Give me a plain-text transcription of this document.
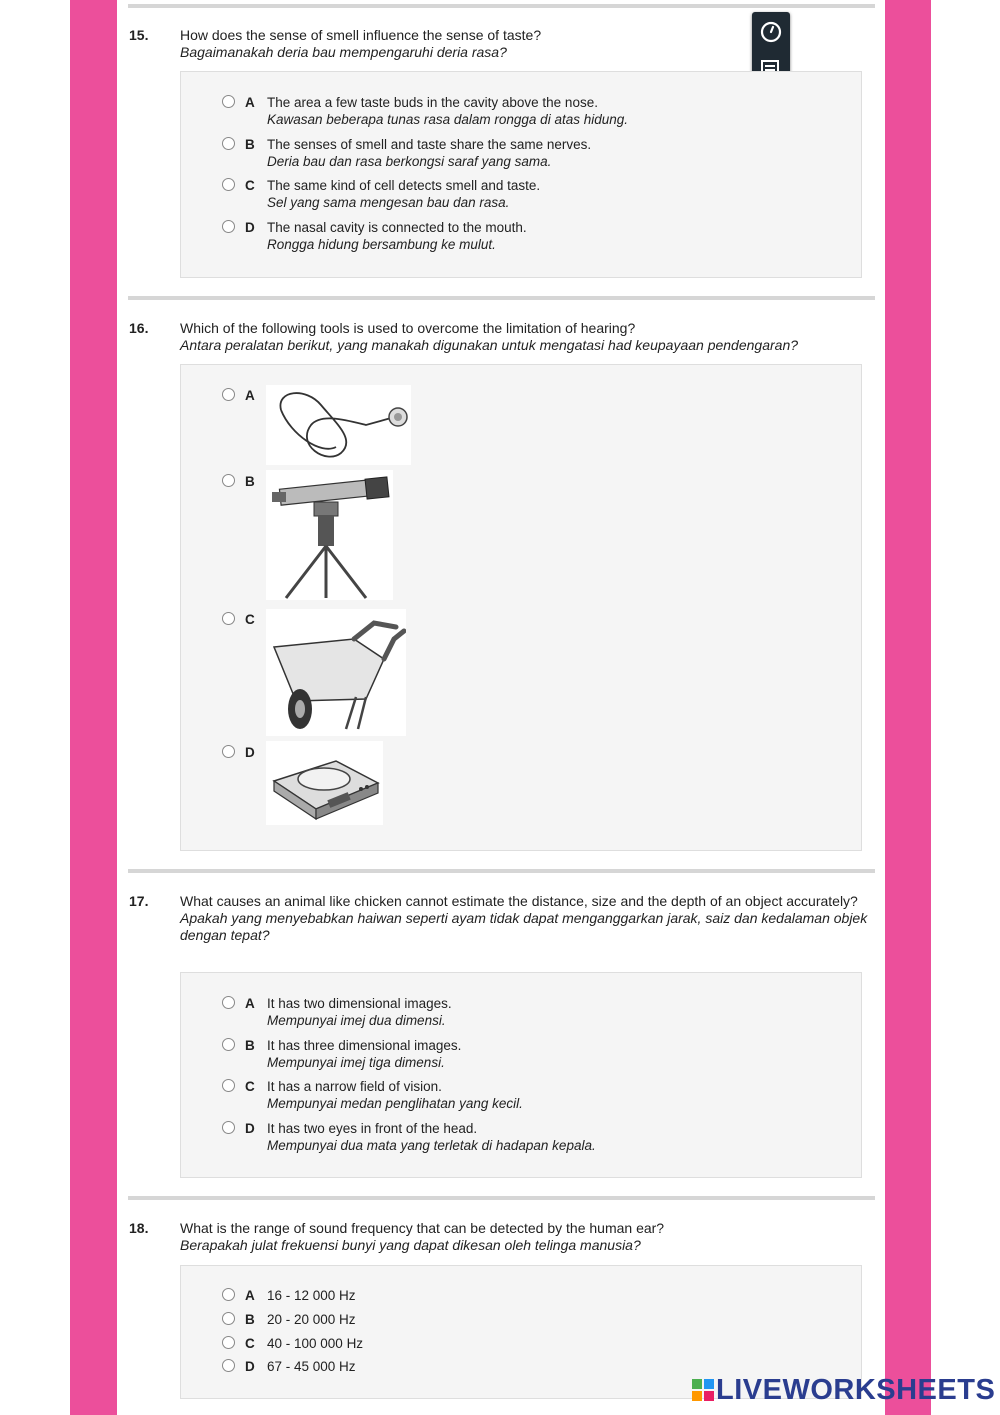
15. How does the sense of smell influence the sense of taste?
Bagaimanakah deria bau mempengaruhi deria rasa?
A The area a few taste buds in the cavity above the nose.
Kawasan beberapa tunas rasa dalam rongga di atas hidung.
B The senses of smell and taste share the same nerves.
Deria bau dan rasa berkongsi saraf yang sama.
C The same kind of cell detects smell and taste.
Sel yang sama mengesan bau dan rasa.
D The nasal cavity is connected to the mouth.
Rongga hidung bersambung ke mulut.
16. Which of the following tools is used to overcome the limitation of hearing?
Antara peralatan berikut, yang manakah digunakan untuk mengatasi had keupayaan pendengaran?
A
B
C
D
17. What causes an animal like chicken cannot estimate the distance, size and the depth of an object accurately?
Apakah yang menyebabkan haiwan seperti ayam tidak dapat menganggarkan jarak, saiz dan kedalaman objek dengan tepat?
A It has two dimensional images.
Mempunyai imej dua dimensi.
B It has three dimensional images.
Mempunyai imej tiga dimensi.
C It has a narrow field of vision.
Mempunyai medan penglihatan yang kecil.
D It has two eyes in front of the head.
Mempunyai dua mata yang terletak di hadapan kepala.
18. What is the range of sound frequency that can be detected by the human ear?
Berapakah julat frekuensi bunyi yang dapat dikesan oleh telinga manusia?
A 16 - 12 000 Hz
B 20 - 20 000 Hz
C 40 - 100 000 Hz
D 67 - 45 000 Hz
LIVEWORKSHEETS
